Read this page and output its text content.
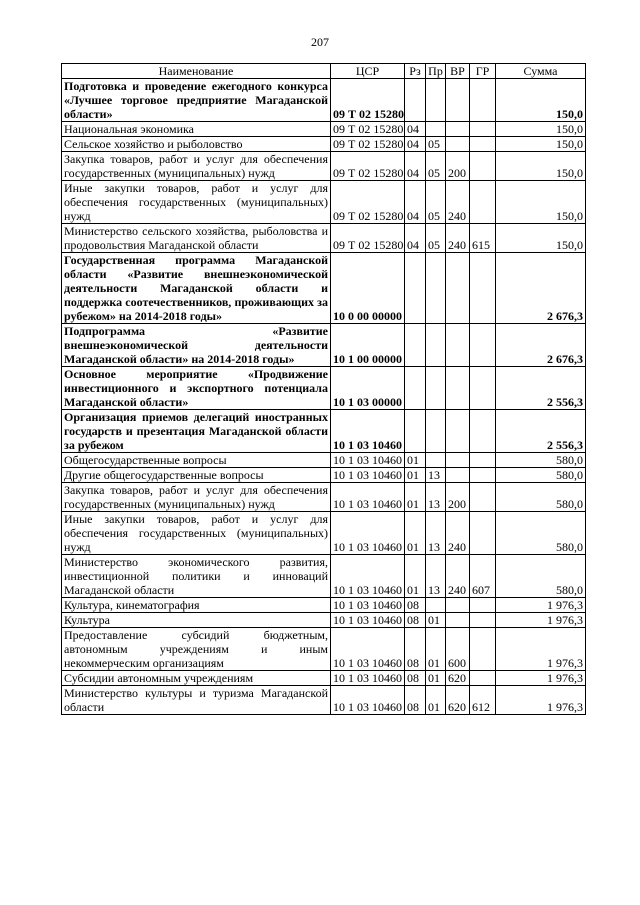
207
Наименование	ЦСР	Рз	Пр	ВР	ГР	Сумма
Подготовка и проведение ежегодного конкурса «Лучшее торговое предприятие Магаданской области»	09 Т 02 15280					150,0
Национальная экономика	09 Т 02 15280	04				150,0
Сельское хозяйство и рыболовство	09 Т 02 15280	04	05			150,0
Закупка товаров, работ и услуг для обеспечения государственных (муниципальных) нужд	09 Т 02 15280	04	05	200		150,0
Иные закупки товаров, работ и услуг для обеспечения государственных (муниципальных) нужд	09 Т 02 15280	04	05	240		150,0
Министерство сельского хозяйства, рыболовства и продовольствия Магаданской области	09 Т 02 15280	04	05	240	615	150,0
Государственная программа Магаданской области «Развитие внешнеэкономической деятельности Магаданской области и поддержка соотечественников, проживающих за рубежом» на 2014-2018 годы»	10 0 00 00000					2 676,3
Подпрограмма «Развитие внешнеэкономической деятельности Магаданской области» на 2014-2018 годы»	10 1 00 00000					2 676,3
Основное мероприятие «Продвижение инвестиционного и экспортного потенциала Магаданской области»	10 1 03 00000					2 556,3
Организация приемов делегаций иностранных государств и презентация Магаданской области за рубежом	10 1 03 10460					2 556,3
Общегосударственные вопросы	10 1 03 10460	01				580,0
Другие общегосударственные вопросы	10 1 03 10460	01	13			580,0
Закупка товаров, работ и услуг для обеспечения государственных (муниципальных) нужд	10 1 03 10460	01	13	200		580,0
Иные закупки товаров, работ и услуг для обеспечения государственных (муниципальных) нужд	10 1 03 10460	01	13	240		580,0
Министерство экономического развития, инвестиционной политики и инноваций Магаданской области	10 1 03 10460	01	13	240	607	580,0
Культура, кинематография	10 1 03 10460	08				1 976,3
Культура	10 1 03 10460	08	01			1 976,3
Предоставление субсидий бюджетным, автономным учреждениям и иным некоммерческим организациям	10 1 03 10460	08	01	600		1 976,3
Субсидии автономным учреждениям	10 1 03 10460	08	01	620		1 976,3
Министерство культуры и туризма Магаданской области	10 1 03 10460	08	01	620	612	1 976,3
